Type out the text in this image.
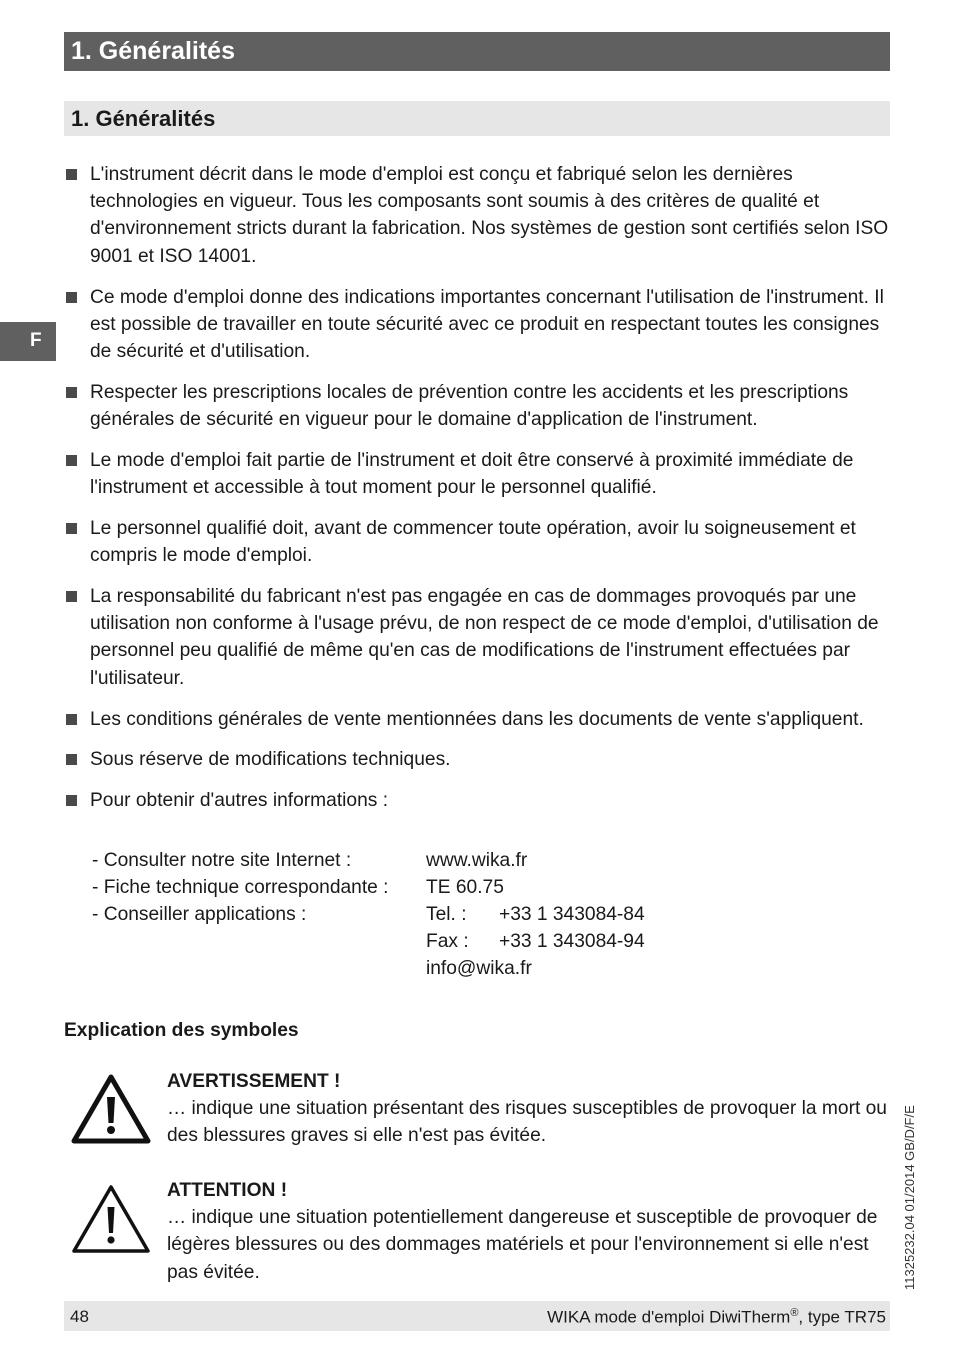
1. Généralités
1. Généralités
F
L'instrument décrit dans le mode d'emploi est conçu et fabriqué selon les dernières technologies en vigueur. Tous les composants sont soumis à des critères de qualité et d'environnement stricts durant la fabrication. Nos systèmes de gestion sont certifiés selon ISO 9001 et ISO 14001.
Ce mode d'emploi donne des indications importantes concernant l'utilisation de l'instrument. Il est possible de travailler en toute sécurité avec ce produit en respectant toutes les consignes de sécurité et d'utilisation.
Respecter les prescriptions locales de prévention contre les accidents et les prescriptions générales de sécurité en vigueur pour le domaine d'application de l'instrument.
Le mode d'emploi fait partie de l'instrument et doit être conservé à proximité immédiate de l'instrument et accessible à tout moment pour le personnel qualifié.
Le personnel qualifié doit, avant de commencer toute opération, avoir lu soigneusement et compris le mode d'emploi.
La responsabilité du fabricant n'est pas engagée en cas de dommages provoqués par une utilisation non conforme à l'usage prévu, de non respect de ce mode d'emploi, d'utilisation de personnel peu qualifié de même qu'en cas de modifications de l'instrument effectuées par l'utilisateur.
Les conditions générales de vente mentionnées dans les documents de vente s'appliquent.
Sous réserve de modifications techniques.
Pour obtenir d'autres informations :
- Consulter notre site Internet :	www.wika.fr
- Fiche technique correspondante : TE 60.75
- Conseiller applications :	Tel. : +33 1 343084-84
Fax : +33 1 343084-94
info@wika.fr
Explication des symboles
AVERTISSEMENT !
… indique une situation présentant des risques susceptibles de provoquer la mort ou des blessures graves si elle n'est pas évitée.
ATTENTION !
… indique une situation potentiellement dangereuse et susceptible de provoquer de légères blessures ou des dommages matériels et pour l'environnement si elle n'est pas évitée.	11325232.04 01/2014 GB/D/F/E
48	WIKA mode d'emploi DiwiTherm®, type TR75
